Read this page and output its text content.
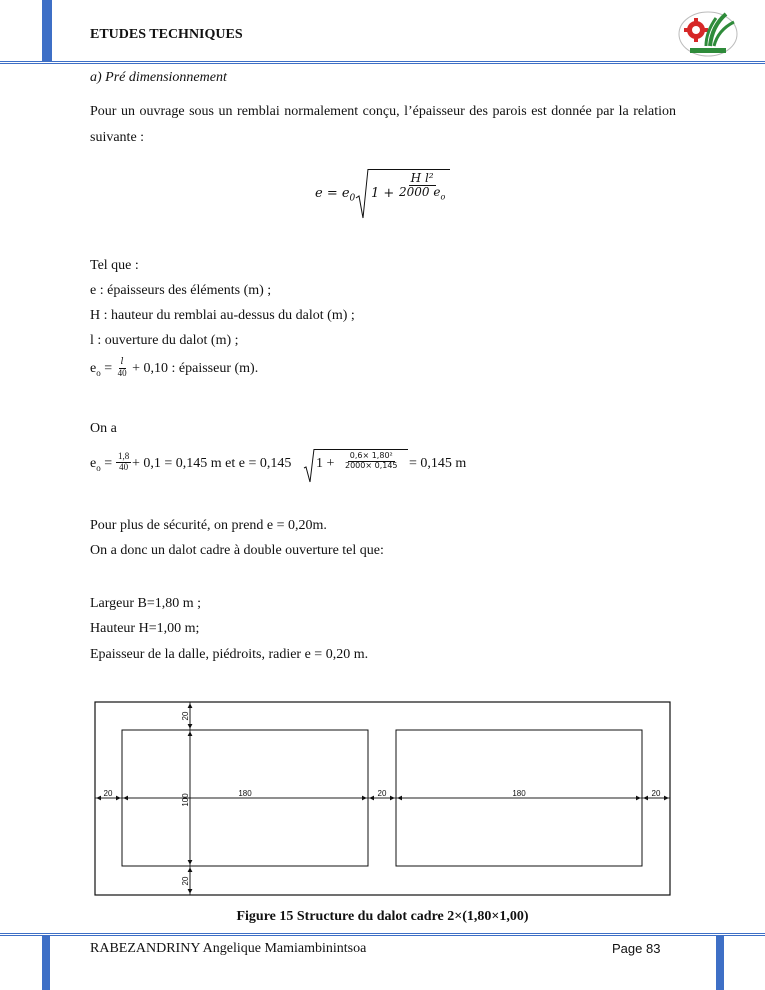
ETUDES TECHNIQUES
a) Pré dimensionnement
Pour un ouvrage sous un remblai normalement conçu, l’épaisseur des parois est donnée par la relation suivante :
$e = e_0$ $1 + \frac{\text{H l²}}{2000 e_o}$
Tel que :
e : épaisseurs des éléments (m) ;
H : hauteur du remblai au-dessus du dalot (m) ;
l : ouverture du dalot (m) ;
$e_o = \frac{l}{40} + 0,10$ : épaisseur (m).
On a
$e_o = \frac{1,8}{40} + 0,1 = 0,145$ m et e = 0,145 $1 + \frac{\text{0,6× 1,80²}}{2000\times 0,145} = 0,145$ m
Pour plus de sécurité, on prend e = 0,20m.
On a donc un dalot cadre à double ouverture tel que:
Largeur B=1,80 m ;
Hauteur H=1,00 m;
Epaisseur de la dalle, piédroits, radier e = 0,20 m.
20	180	20	180	20
20
100
20
Figure 15 Structure du dalot cadre 2×(1,80×1,00)
RABEZANDRINY Angelique Mamiambinintsoa	Page 83
